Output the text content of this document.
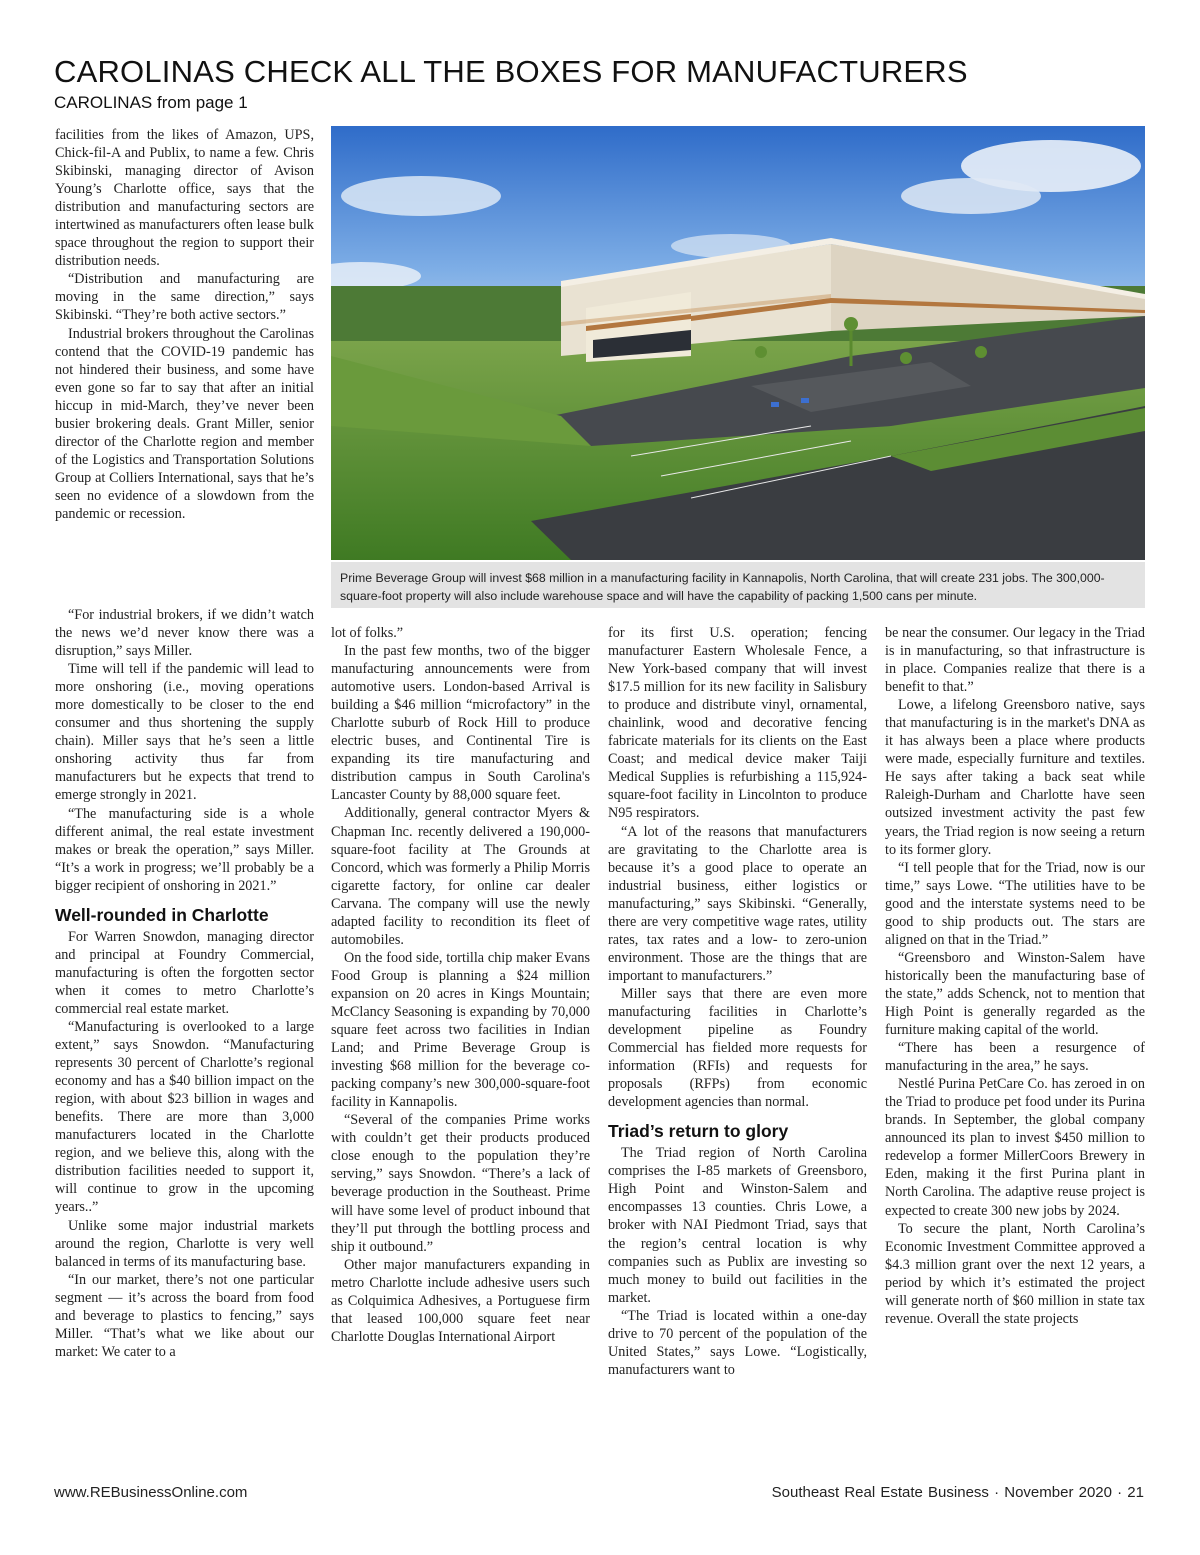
CAROLINAS CHECK ALL THE BOXES FOR MANUFACTURERS
CAROLINAS from page 1

facilities from the likes of Amazon, UPS, Chick-fil-A and Publix, to name a few. Chris Skibinski, managing director of Avison Young’s Charlotte office, says that the distribution and manufacturing sectors are intertwined as manufacturers often lease bulk space throughout the region to support their distribution needs.

“Distribution and manufacturing are moving in the same direction,” says Skibinski. “They’re both active sectors.”

Industrial brokers throughout the Carolinas contend that the COVID-19 pandemic has not hindered their business, and some have even gone so far to say that after an initial hiccup in mid-March, they’ve never been busier brokering deals. Grant Miller, senior director of the Charlotte region and member of the Logistics and Transportation Solutions Group at Colliers International, says that he’s seen no evidence of a slowdown from the pandemic or recession.

“For industrial brokers, if we didn’t watch the news we’d never know there was a disruption,” says Miller.

Time will tell if the pandemic will lead to more onshoring (i.e., moving operations more domestically to be closer to the end consumer and thus shortening the supply chain). Miller says that he’s seen a little onshoring activity thus far from manufacturers but he expects that trend to emerge strongly in 2021.

“The manufacturing side is a whole different animal, the real estate investment makes or break the operation,” says Miller. “It’s a work in progress; we’ll probably be a bigger recipient of onshoring in 2021.”

Well-rounded in Charlotte

For Warren Snowdon, managing director and principal at Foundry Commercial, manufacturing is often the forgotten sector when it comes to metro Charlotte’s commercial real estate market.

“Manufacturing is overlooked to a large extent,” says Snowdon. “Manufacturing represents 30 percent of Charlotte’s regional economy and has a $40 billion impact on the region, with about $23 billion in wages and benefits. There are more than 3,000 manufacturers located in the Charlotte region, and we believe this, along with the distribution facilities needed to support it, will continue to grow in the upcoming years..”

Unlike some major industrial markets around the region, Charlotte is very well balanced in terms of its manufacturing base.

“In our market, there’s not one particular segment — it’s across the board from food and beverage to plastics to fencing,” says Miller. “That’s what we like about our market: We cater to a

Prime Beverage Group will invest $68 million in a manufacturing facility in Kannapolis, North Carolina, that will create 231 jobs. The 300,000-square-foot property will also include warehouse space and will have the capability of packing 1,500 cans per minute.

lot of folks.”

In the past few months, two of the bigger manufacturing announcements were from automotive users. London-based Arrival is building a $46 million “microfactory” in the Charlotte suburb of Rock Hill to produce electric buses, and Continental Tire is expanding its tire manufacturing and distribution campus in South Carolina's Lancaster County by 88,000 square feet.

Additionally, general contractor Myers & Chapman Inc. recently delivered a 190,000-square-foot facility at The Grounds at Concord, which was formerly a Philip Morris cigarette factory, for online car dealer Carvana. The company will use the newly adapted facility to recondition its fleet of automobiles.

On the food side, tortilla chip maker Evans Food Group is planning a $24 million expansion on 20 acres in Kings Mountain; McClancy Seasoning is expanding by 70,000 square feet across two facilities in Indian Land; and Prime Beverage Group is investing $68 million for the beverage co-packing company’s new 300,000-square-foot facility in Kannapolis.

“Several of the companies Prime works with couldn’t get their products produced close enough to the population they’re serving,” says Snowdon. “There’s a lack of beverage production in the Southeast. Prime will have some level of product inbound that they’ll put through the bottling process and ship it outbound.”

Other major manufacturers expanding in metro Charlotte include adhesive users such as Colquimica Adhesives, a Portuguese firm that leased 100,000 square feet near Charlotte Douglas International Airport

for its first U.S. operation; fencing manufacturer Eastern Wholesale Fence, a New York-based company that will invest $17.5 million for its new facility in Salisbury to produce and distribute vinyl, ornamental, chainlink, wood and decorative fencing fabricate materials for its clients on the East Coast; and medical device maker Taiji Medical Supplies is refurbishing a 115,924-square-foot facility in Lincolnton to produce N95 respirators.

“A lot of the reasons that manufacturers are gravitating to the Charlotte area is because it’s a good place to operate an industrial business, either logistics or manufacturing,” says Skibinski. “Generally, there are very competitive wage rates, utility rates, tax rates and a low- to zero-union environment. Those are the things that are important to manufacturers.”

Miller says that there are even more manufacturing facilities in Charlotte’s development pipeline as Foundry Commercial has fielded more requests for information (RFIs) and requests for proposals (RFPs) from economic development agencies than normal.

Triad’s return to glory

The Triad region of North Carolina comprises the I-85 markets of Greensboro, High Point and Winston-Salem and encompasses 13 counties. Chris Lowe, a broker with NAI Piedmont Triad, says that the region’s central location is why companies such as Publix are investing so much money to build out facilities in the market.

“The Triad is located within a one-day drive to 70 percent of the population of the United States,” says Lowe. “Logistically, manufacturers want to

be near the consumer. Our legacy in the Triad is in manufacturing, so that infrastructure is in place. Companies realize that there is a benefit to that.”

Lowe, a lifelong Greensboro native, says that manufacturing is in the market's DNA as it has always been a place where products were made, especially furniture and textiles. He says after taking a back seat while Raleigh-Durham and Charlotte have seen outsized investment activity the past few years, the Triad region is now seeing a return to its former glory.

“I tell people that for the Triad, now is our time,” says Lowe. “The utilities have to be good and the interstate systems need to be good to ship products out. The stars are aligned on that in the Triad.”

“Greensboro and Winston-Salem have historically been the manufacturing base of the state,” adds Schenck, not to mention that High Point is generally regarded as the furniture making capital of the world.

“There has been a resurgence of manufacturing in the area,” he says.

Nestlé Purina PetCare Co. has zeroed in on the Triad to produce pet food under its Purina brands. In September, the global company announced its plan to invest $450 million to redevelop a former MillerCoors Brewery in Eden, making it the first Purina plant in North Carolina. The adaptive reuse project is expected to create 300 new jobs by 2024.

To secure the plant, North Carolina’s Economic Investment Committee approved a $4.3 million grant over the next 12 years, a period by which it’s estimated the project will generate north of $60 million in state tax revenue. Overall the state projects

www.REBusinessOnline.com	Southeast Real Estate Business · November 2020 · 21
